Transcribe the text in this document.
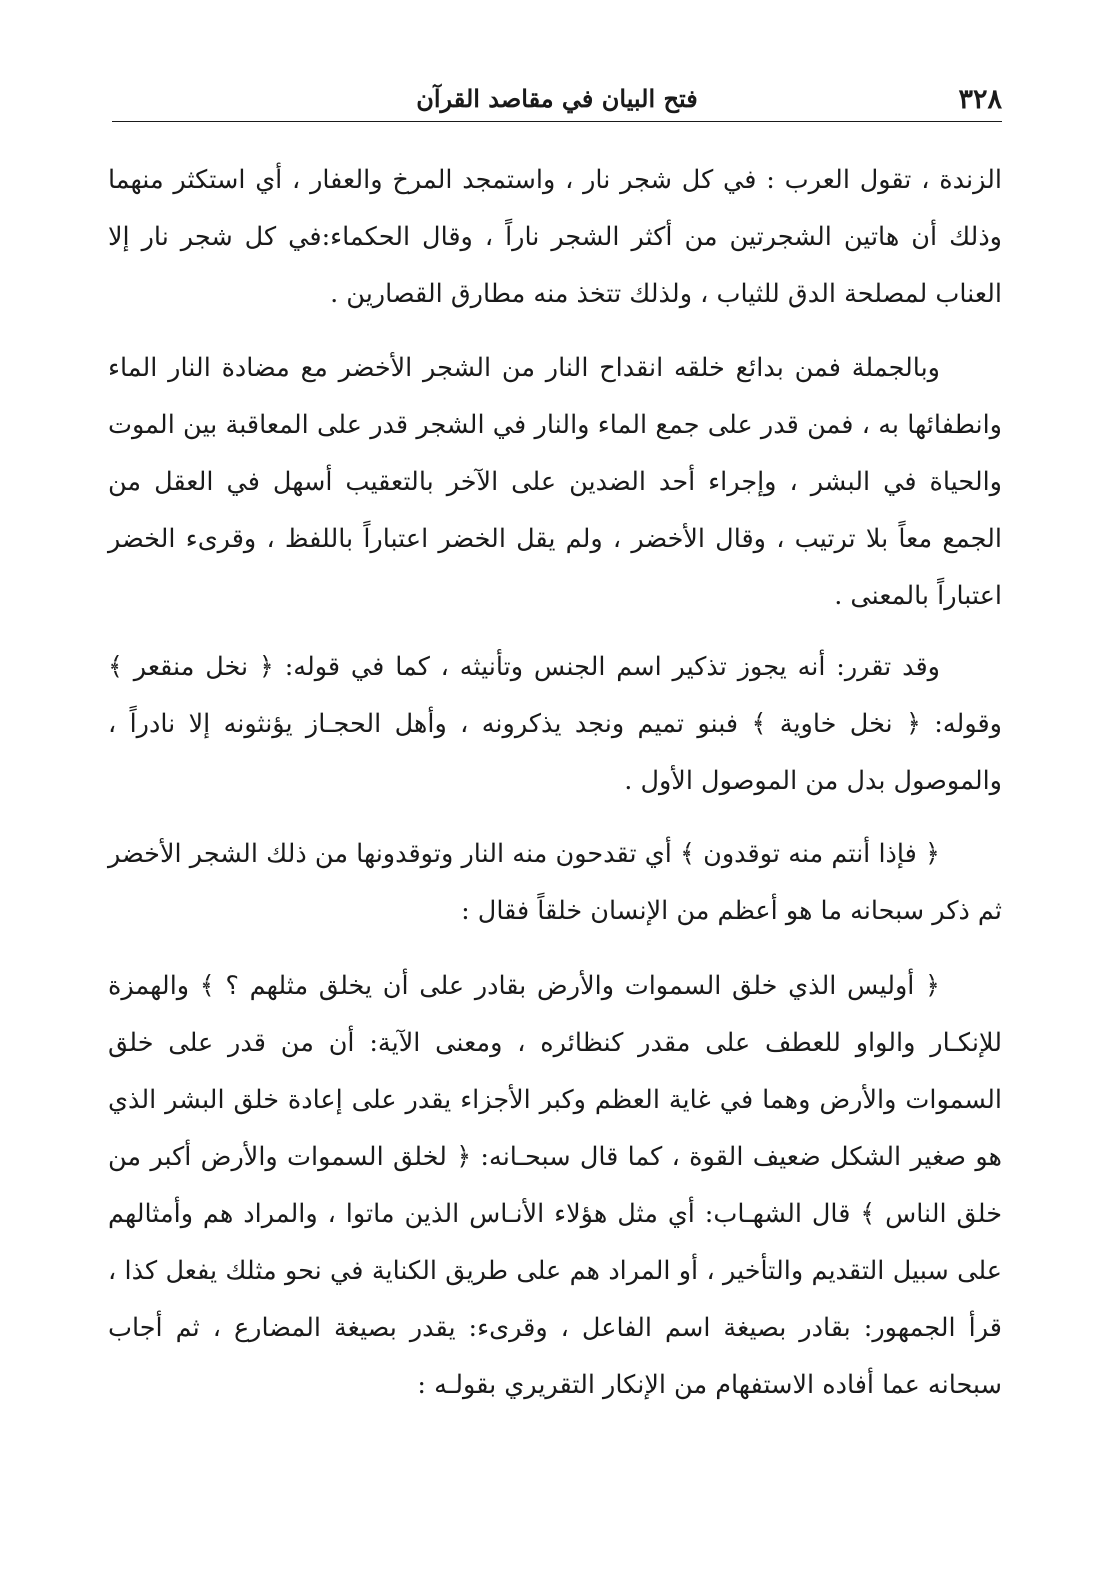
٣٢٨
فتح البيان في مقاصد القرآن

الزندة ، تقول العرب : في كل شجر نار ، واستمجد المرخ والعفار ، أي استكثر منهما وذلك أن هاتين الشجرتين من أكثر الشجر ناراً ، وقال الحكماء:في كل شجر نار إلا العناب لمصلحة الدق للثياب ، ولذلك تتخذ منه مطارق القصارين .

وبالجملة فمن بدائع خلقه انقداح النار من الشجر الأخضر مع مضادة النار الماء وانطفائها به ، فمن قدر على جمع الماء والنار في الشجر قدر على المعاقبة بين الموت والحياة في البشر ، وإجراء أحد الضدين على الآخر بالتعقيب أسهل في العقل من الجمع معاً بلا ترتيب ، وقال الأخضر ، ولم يقل الخضر اعتباراً باللفظ ، وقرىء الخضر اعتباراً بالمعنى .

وقد تقرر: أنه يجوز تذكير اسم الجنس وتأنيثه ، كما في قوله: ﴿ نخل منقعر ﴾ وقوله: ﴿ نخل خاوية ﴾ فبنو تميم ونجد يذكرونه ، وأهل الحجـاز يؤنثونه إلا نادراً ، والموصول بدل من الموصول الأول .

﴿ فإذا أنتم منه توقدون ﴾ أي تقدحون منه النار وتوقدونها من ذلك الشجر الأخضر ثم ذكر سبحانه ما هو أعظم من الإنسان خلقاً فقال :

﴿ أوليس الذي خلق السموات والأرض بقادر على أن يخلق مثلهم ؟ ﴾ والهمزة للإنكـار والواو للعطف على مقدر كنظائره ، ومعنى الآية: أن من قدر على خلق السموات والأرض وهما في غاية العظم وكبر الأجزاء يقدر على إعادة خلق البشر الذي هو صغير الشكل ضعيف القوة ، كما قال سبحـانه: ﴿ لخلق السموات والأرض أكبر من خلق الناس ﴾ قال الشهـاب: أي مثل هؤلاء الأنـاس الذين ماتوا ، والمراد هم وأمثالهم على سبيل التقديم والتأخير ، أو المراد هم على طريق الكناية في نحو مثلك يفعل كذا ، قرأ الجمهور: بقادر بصيغة اسم الفاعل ، وقرىء: يقدر بصيغة المضارع ، ثم أجاب سبحانه عما أفاده الاستفهام من الإنكار التقريري بقولـه :
